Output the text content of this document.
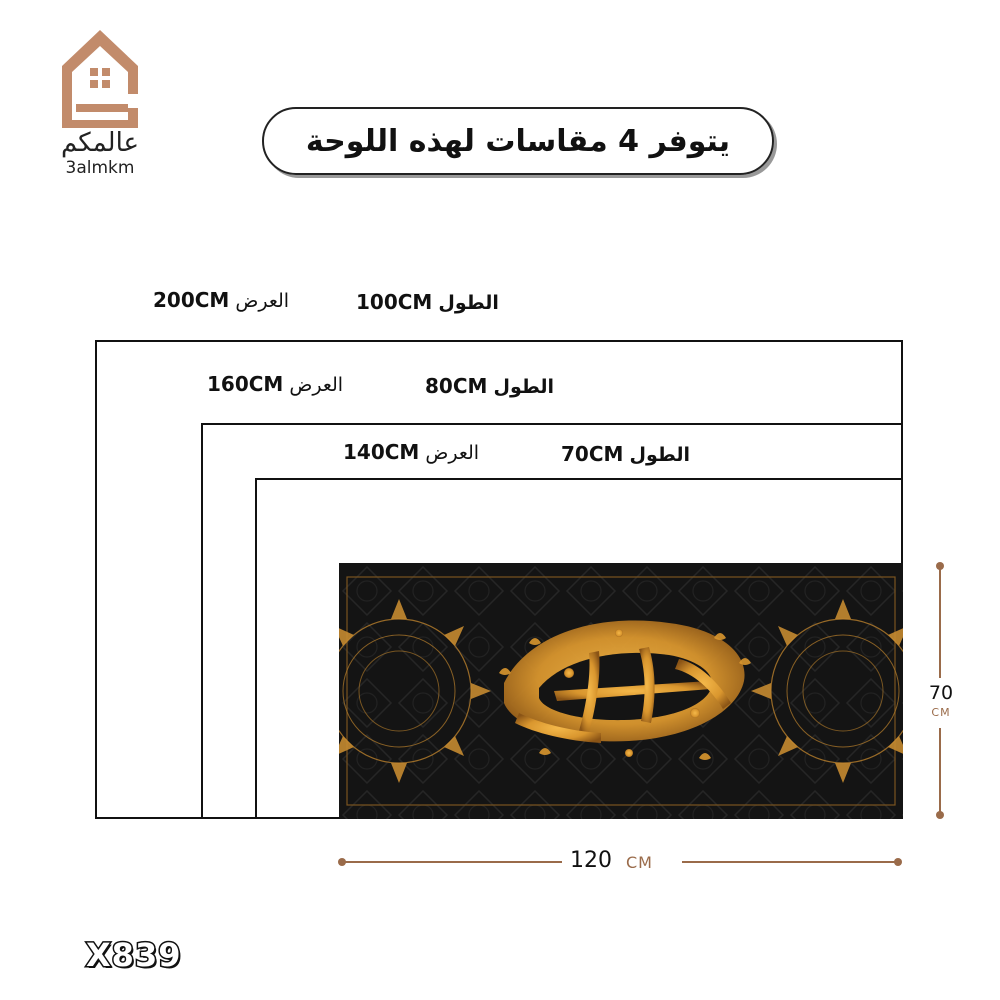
عالمكم
3almkm
يتوفر 4 مقاسات لهذه اللوحة
200CM العرض	100CM الطول
160CM العرض	80CM الطول
140CM العرض	70CM الطول
70
CM
120 CM
X839
